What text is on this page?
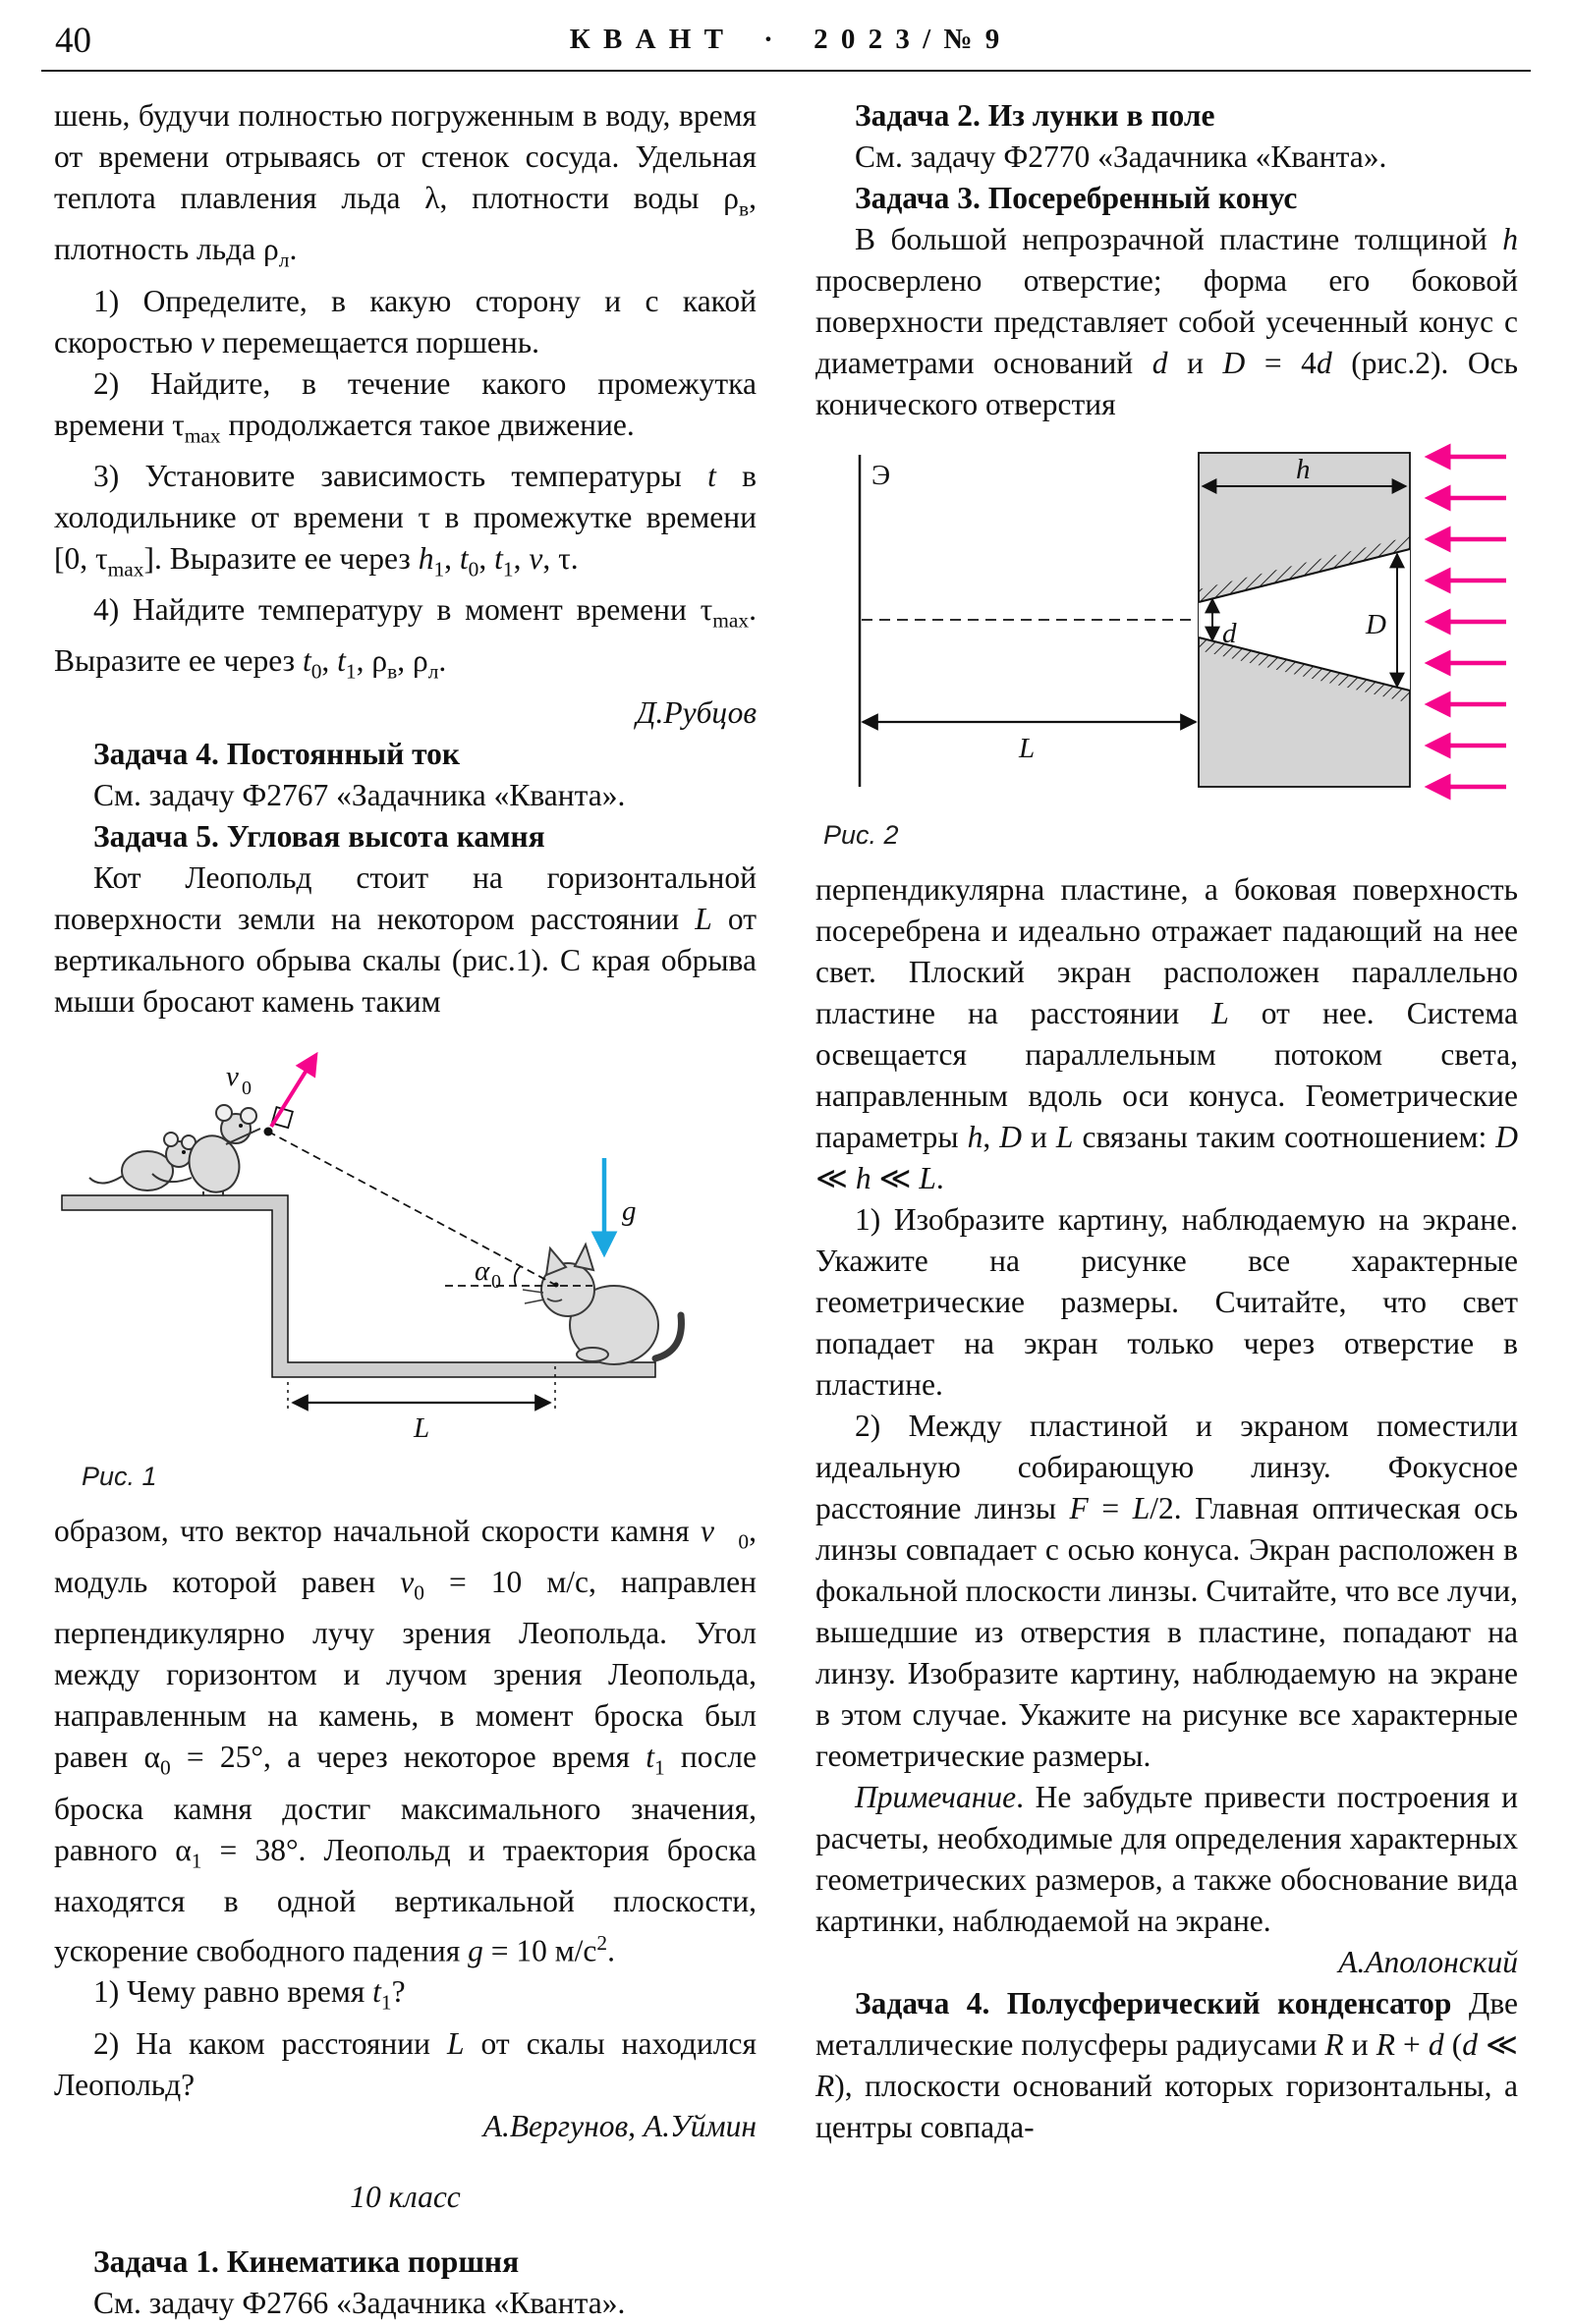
40	К В А Н Т · 2 0 2 3 / № 9

шень, будучи полностью погруженным в воду, время от времени отрываясь от стенок сосуда. Удельная теплота плавления льда λ, плотности воды $\rho_в$, плотность льда $\rho_л$.

1) Определите, в какую сторону и с какой скоростью v перемещается поршень.

2) Найдите, в течение какого промежутка времени $\tau_{max}$ продолжается такое движение.

3) Установите зависимость температуры t в холодильнике от времени τ в промежутке времени [0, $\tau_{max}$]. Выразите ее через $h_1$, $t_0$, $t_1$, v, τ.

4) Найдите температуру в момент времени $\tau_{max}$. Выразите ее через $t_0$, $t_1$, $\rho_в$, $\rho_л$.

Д.Рубцов

Задача 4. Постоянный ток

См. задачу Ф2767 «Задачника «Кванта».

Задача 5. Угловая высота камня

Кот Леопольд стоит на горизонтальной поверхности земли на некотором расстоянии L от вертикального обрыва скалы (рис.1). С края обрыва мыши бросают камень таким

v 0
g
α 0
L
Рис. 1

образом, что вектор начальной скорости камня $v⃗_0$, модуль которой равен $v_0 = 10$ м/с, направлен перпендикулярно лучу зрения Леопольда. Угол между горизонтом и лучом зрения Леопольда, направленным на камень, в момент броска был равен $\alpha_0 = 25^\circ$, а через некоторое время $t_1$ после броска камня достиг максимального значения, равного $\alpha_1 = 38^\circ$. Леопольд и траектория броска находятся в одной вертикальной плоскости, ускорение свободного падения g = 10 $м/с^2$.

1) Чему равно время $t_1$?

2) На каком расстоянии L от скалы находился Леопольд?

А.Вергунов, А.Уймин

10 класс

Задача 1. Кинематика поршня

См. задачу Ф2766 «Задачника «Кванта».

Задача 2. Из лунки в поле

См. задачу Ф2770 «Задачника «Кванта».

Задача 3. Посеребренный конус

В большой непрозрачной пластине толщиной h просверлено отверстие; форма его боковой поверхности представляет собой усеченный конус с диаметрами оснований d и D = 4d (рис.2). Ось конического отверстия

Э	h
d	D
L
Рис. 2

перпендикулярна пластине, а боковая поверхность посеребрена и идеально отражает падающий на нее свет. Плоский экран расположен параллельно пластине на расстоянии L от нее. Система освещается параллельным потоком света, направленным вдоль оси конуса. Геометрические параметры h, D и L связаны таким соотношением: D ≪ h ≪ L.

1) Изобразите картину, наблюдаемую на экране. Укажите на рисунке все характерные геометрические размеры. Считайте, что свет попадает на экран только через отверстие в пластине.

2) Между пластиной и экраном поместили идеальную собирающую линзу. Фокусное расстояние линзы F = L/2. Главная оптическая ось линзы совпадает с осью конуса. Экран расположен в фокальной плоскости линзы. Считайте, что все лучи, вышедшие из отверстия в пластине, попадают на линзу. Изобразите картину, наблюдаемую на экране в этом случае. Укажите на рисунке все характерные геометрические размеры.

Примечание. Не забудьте привести построения и расчеты, необходимые для определения характерных геометрических размеров, а также обоснование вида картинки, наблюдаемой на экране.

А.Аполонский

Задача 4. Полусферический конденсатор Две металлические полусферы радиусами R и R + d (d ≪ R), плоскости оснований которых горизонтальны, а центры совпада-
